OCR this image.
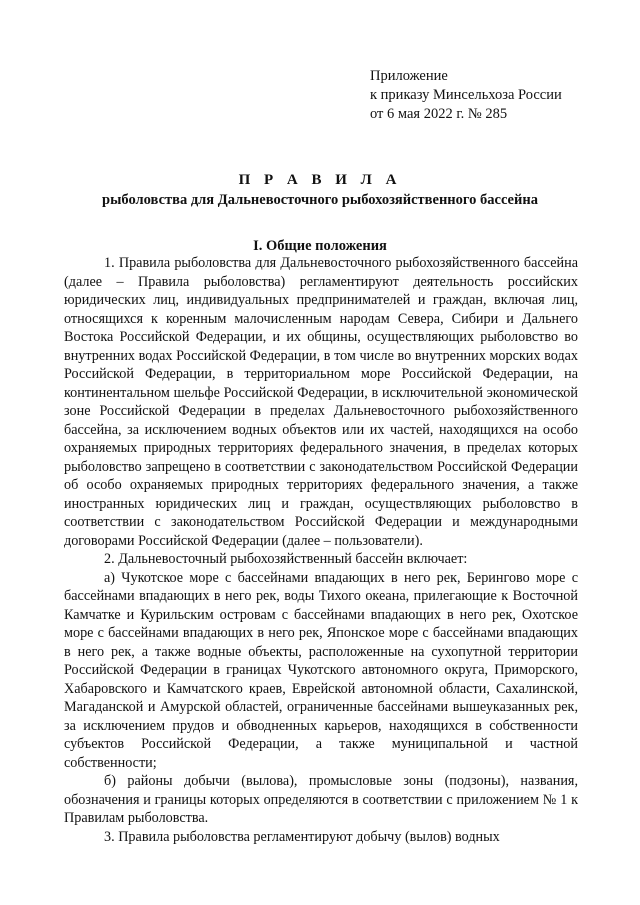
Приложение
к приказу Минсельхоза России
от 6 мая 2022 г. № 285
П Р А В И Л А
рыболовства для Дальневосточного рыбохозяйственного бассейна
I. Общие положения

1. Правила рыболовства для Дальневосточного рыбохозяйственного бассейна (далее – Правила рыболовства) регламентируют деятельность российских юридических лиц, индивидуальных предпринимателей и граждан, включая лиц, относящихся к коренным малочисленным народам Севера, Сибири и Дальнего Востока Российской Федерации, и их общины, осуществляющих рыболовство во внутренних водах Российской Федерации, в том числе во внутренних морских водах Российской Федерации, в территориальном море Российской Федерации, на континентальном шельфе Российской Федерации, в исключительной экономической зоне Российской Федерации в пределах Дальневосточного рыбохозяйственного бассейна, за исключением водных объектов или их частей, находящихся на особо охраняемых природных территориях федерального значения, в пределах которых рыболовство запрещено в соответствии с законодательством Российской Федерации об особо охраняемых природных территориях федерального значения, а также иностранных юридических лиц и граждан, осуществляющих рыболовство в соответствии с законодательством Российской Федерации и международными договорами Российской Федерации (далее – пользователи).

2. Дальневосточный рыбохозяйственный бассейн включает:

а) Чукотское море с бассейнами впадающих в него рек, Берингово море с бассейнами впадающих в него рек, воды Тихого океана, прилегающие к Восточной Камчатке и Курильским островам с бассейнами впадающих в него рек, Охотское море с бассейнами впадающих в него рек, Японское море с бассейнами впадающих в него рек, а также водные объекты, расположенные на сухопутной территории Российской Федерации в границах Чукотского автономного округа, Приморского, Хабаровского и Камчатского краев, Еврейской автономной области, Сахалинской, Магаданской и Амурской областей, ограниченные бассейнами вышеуказанных рек, за исключением прудов и обводненных карьеров, находящихся в собственности субъектов Российской Федерации, а также муниципальной и частной собственности;

б) районы добычи (вылова), промысловые зоны (подзоны), названия, обозначения и границы которых определяются в соответствии с приложением № 1 к Правилам рыболовства.

3. Правила рыболовства регламентируют добычу (вылов) водных
